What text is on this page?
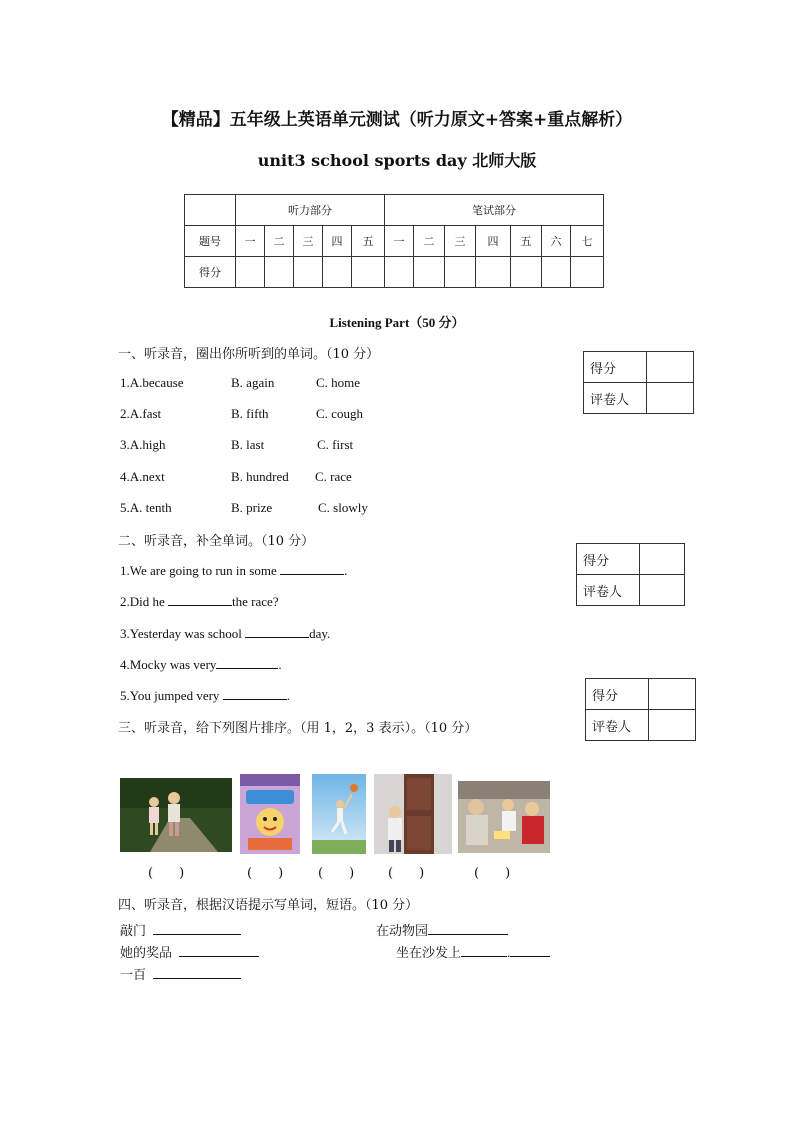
【精品】五年级上英语单元测试（听力原文+答案+重点解析）
unit3 school sports day 北师大版
	听力部分					笔试部分						
题号	一	二	三	四	五	一	二	三	四	五	六	七
得分												
Listening Part（50 分）
一、听录音，圈出你所听到的单词。（10 分）
得分	
评卷人	
1.A.because	B. again	C. home
2.A.fast	B. fifth	C. cough
3.A.high	B. last	C. first
4.A.next	B. hundred C. race
5.A. tenth	B. prize	C. slowly
二、听录音，补全单词。（10 分）
得分	
评卷人	
1.We are going to run in some	.
2.Did he	the race?
3.Yesterday was school	day.
4.Mocky was very	.
5.You jumped very	.	得分	
评卷人	
三、听录音，给下列图片排序。（用 1，2，3 表示）。（10 分）
(　　)	(　　)	(　　)	(　　)	(　　)
四、听录音，根据汉语提示写单词，短语。（10 分）
敲门	在动物园
她的奖品	坐在沙发上	.
一百
